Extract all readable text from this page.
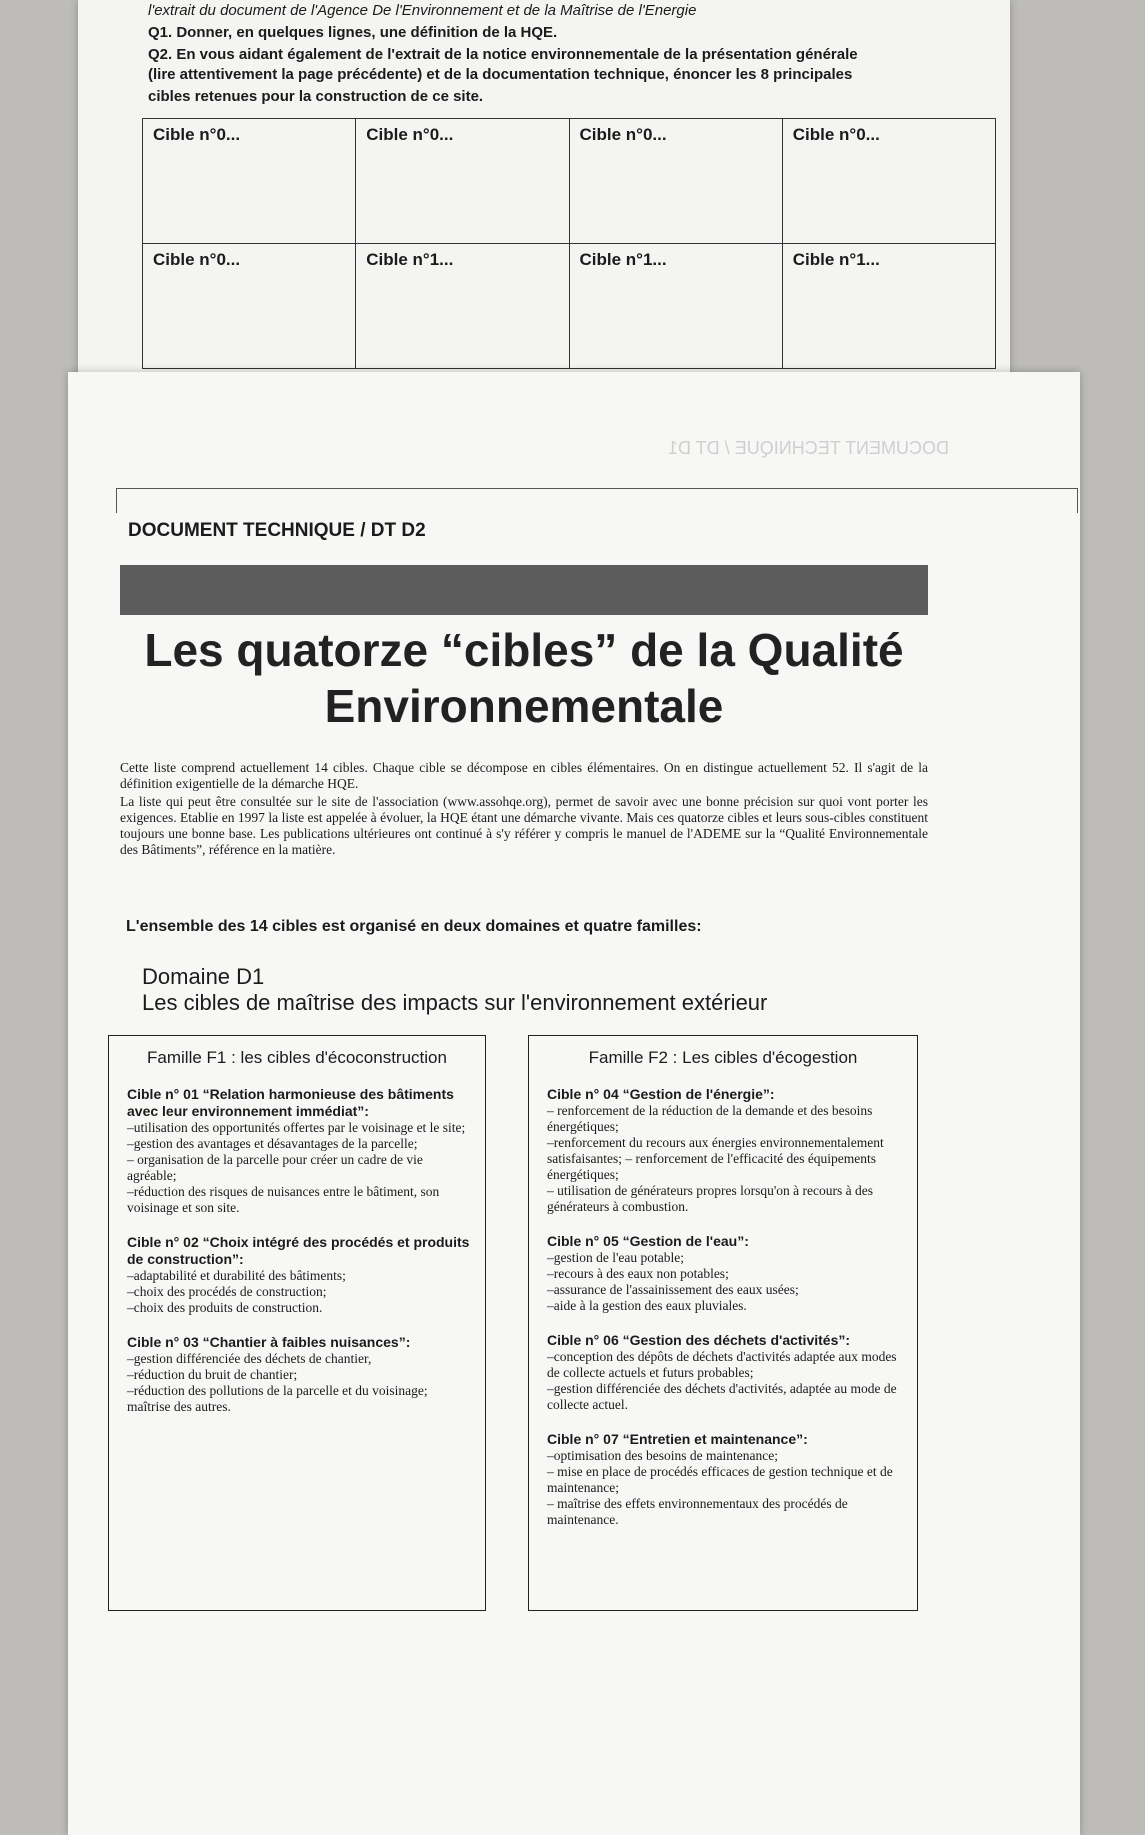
l'extrait du document de l'Agence De l'Environnement et de la Maîtrise de l'Energie
Q1. Donner, en quelques lignes, une définition de la HQE.
Q2. En vous aidant également de l'extrait de la notice environnementale de la présentation générale
(lire attentivement la page précédente) et de la documentation technique, énoncer les 8 principales
cibles retenues pour la construction de ce site.
Cible n°0...	Cible n°0...	Cible n°0...	Cible n°0...
Cible n°0...	Cible n°1...	Cible n°1...	Cible n°1...
DOCUMENT TECHNIQUE / DT D1
DOCUMENT TECHNIQUE / DT D2
Les quatorze “cibles” de la Qualité
Environnementale
Cette liste comprend actuellement 14 cibles. Chaque cible se décompose en cibles élémentaires. On en distingue actuellement 52. Il s'agit de la définition exigentielle de la démarche HQE.
La liste qui peut être consultée sur le site de l'association (www.assohqe.org), permet de savoir avec une bonne précision sur quoi vont porter les exigences. Etablie en 1997 la liste est appelée à évoluer, la HQE étant une démarche vivante. Mais ces quatorze cibles et leurs sous-cibles constituent toujours une bonne base. Les publications ultérieures ont continué à s'y référer y compris le manuel de l'ADEME sur la “Qualité Environnementale des Bâtiments”, référence en la matière.
L'ensemble des 14 cibles est organisé en deux domaines et quatre familles:
Domaine D1
Les cibles de maîtrise des impacts sur l'environnement extérieur
Famille F1 : les cibles d'écoconstruction
Cible n° 01 “Relation harmonieuse des bâtiments avec leur environnement immédiat”:

–utilisation des opportunités offertes par le voisinage et le site;

–gestion des avantages et désavantages de la parcelle;

– organisation de la parcelle pour créer un cadre de vie agréable;

–réduction des risques de nuisances entre le bâtiment, son voisinage et son site.

Cible n° 02 “Choix intégré des procédés et produits de construction”:

–adaptabilité et durabilité des bâtiments;

–choix des procédés de construction;

–choix des produits de construction.

Cible n° 03 “Chantier à faibles nuisances”:

–gestion différenciée des déchets de chantier,

–réduction du bruit de chantier;

–réduction des pollutions de la parcelle et du voisinage;

maîtrise des autres.

Famille F2 : Les cibles d'écogestion
Cible n° 04 “Gestion de l'énergie”:

– renforcement de la réduction de la demande et des besoins énergétiques;

–renforcement du recours aux énergies environnementalement satisfaisantes; – renforcement de l'efficacité des équipements énergétiques;

– utilisation de générateurs propres lorsqu'on à recours à des générateurs à combustion.

Cible n° 05 “Gestion de l'eau”:

–gestion de l'eau potable;

–recours à des eaux non potables;

–assurance de l'assainissement des eaux usées;

–aide à la gestion des eaux pluviales.

Cible n° 06 “Gestion des déchets d'activités”:

–conception des dépôts de déchets d'activités adaptée aux modes de collecte actuels et futurs probables;

–gestion différenciée des déchets d'activités, adaptée au mode de collecte actuel.

Cible n° 07 “Entretien et maintenance”:

–optimisation des besoins de maintenance;

– mise en place de procédés efficaces de gestion technique et de maintenance;

– maîtrise des effets environnementaux des procédés de maintenance.
